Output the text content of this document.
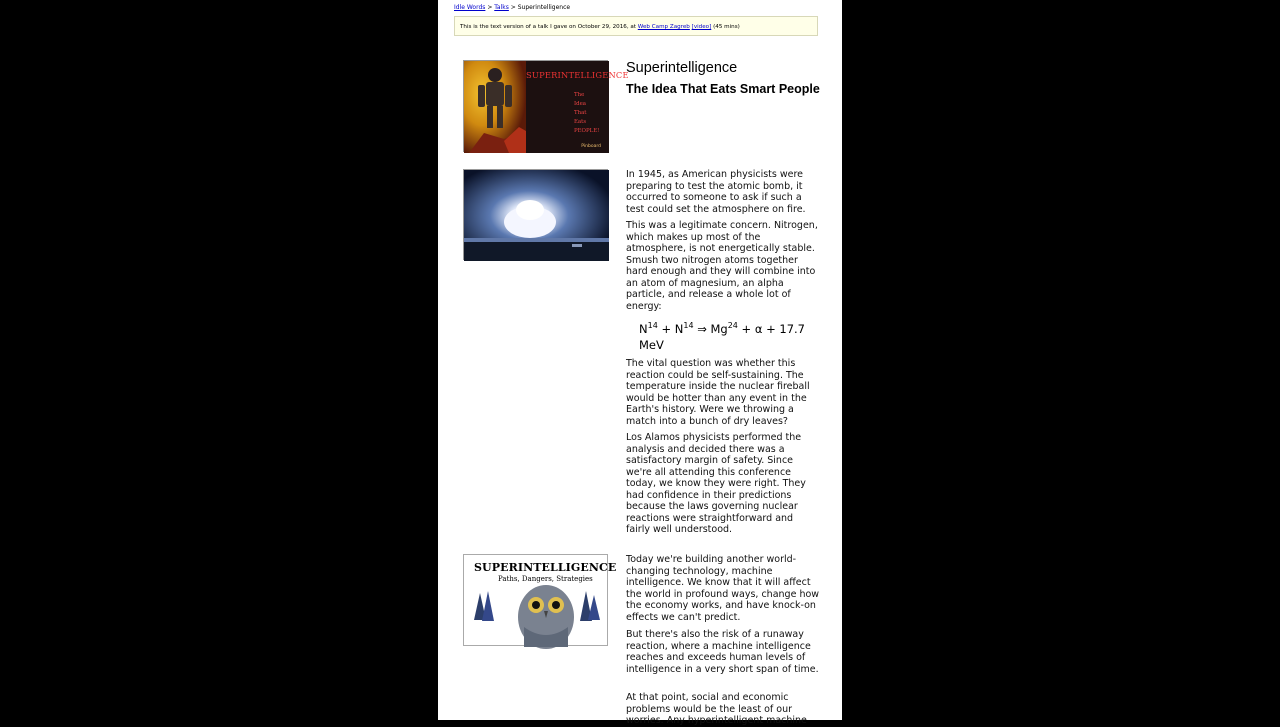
Idle Words > Talks > Superintelligence
This is the text version of a talk I gave on October 29, 2016, at Web Camp Zagreb [video] (45 mins)
SUPERINTELLIGENCE
The
Idea
That
Eats
PEOPLE!
Pinboard
SUPERINTELLIGENCE
Paths, Dangers, Strategies
Superintelligence
The Idea That Eats Smart People

In 1945, as American physicists were preparing to test the atomic bomb, it occurred to someone to ask if such a test could set the atmosphere on fire.

This was a legitimate concern. Nitrogen, which makes up most of the atmosphere, is not energetically stable. Smush two nitrogen atoms together hard enough and they will combine into an atom of magnesium, an alpha particle, and release a whole lot of energy:

$N^{14} + N^{14}$ ⇒ $Mg^{24} + \alpha + 17.7$ MeV

The vital question was whether this reaction could be self-sustaining. The temperature inside the nuclear fireball would be hotter than any event in the Earth's history. Were we throwing a match into a bunch of dry leaves?

Los Alamos physicists performed the analysis and decided there was a satisfactory margin of safety. Since we're all attending this conference today, we know they were right. They had confidence in their predictions because the laws governing nuclear reactions were straightforward and fairly well understood.

Today we're building another world-changing technology, machine intelligence. We know that it will affect the world in profound ways, change how the economy works, and have knock-on effects we can't predict.

But there's also the risk of a runaway reaction, where a machine intelligence reaches and exceeds human levels of intelligence in a very short span of time.

At that point, social and economic problems would be the least of our worries. Any hyperintelligent machine
